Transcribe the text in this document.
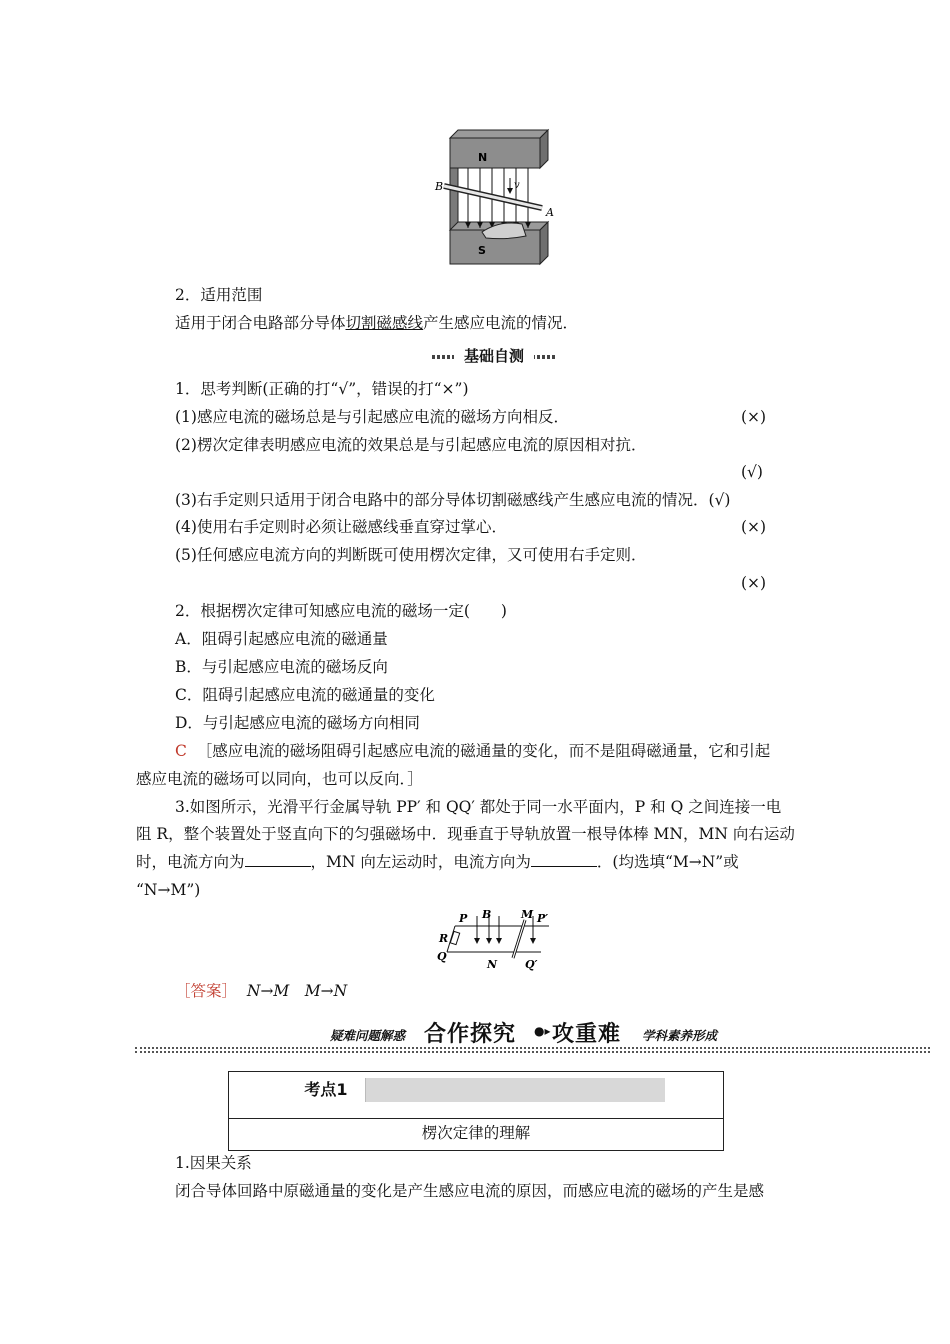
N
S
B
A
v
2．适用范围
适用于闭合电路部分导体切割磁感线产生感应电流的情况．
基础自测
1．思考判断(正确的打“√”，错误的打“×”)
(1)感应电流的磁场总是与引起感应电流的磁场方向相反．	(×)
(2)楞次定律表明感应电流的效果总是与引起感应电流的原因相对抗．
(√)
(3)右手定则只适用于闭合电路中的部分导体切割磁感线产生感应电流的情况．(√)
(4)使用右手定则时必须让磁感线垂直穿过掌心．	(×)
(5)任何感应电流方向的判断既可使用楞次定律，又可使用右手定则．
(×)
2．根据楞次定律可知感应电流的磁场一定(　　)
A．阻碍引起感应电流的磁通量
B．与引起感应电流的磁场反向
C．阻碍引起感应电流的磁通量的变化
D．与引起感应电流的磁场方向相同
C ［感应电流的磁场阻碍引起感应电流的磁通量的变化，而不是阻碍磁通量，它和引起
感应电流的磁场可以同向，也可以反向．］
3.如图所示，光滑平行金属导轨 PP′ 和 QQ′ 都处于同一水平面内，P 和 Q 之间连接一电
阻 R，整个装置处于竖直向下的匀强磁场中．现垂直于导轨放置一根导体棒 MN，MN 向右运动
时，电流方向为	，MN 向左运动时，电流方向为	．(均选填“M→N”或
“N→M”)
P B	M P′
R
Q
N	Q′
［答案］ N→M　M→N
疑难问题解惑 合作探究 ●▸ 攻重难 学科素养形成
考点1
楞次定律的理解
1.因果关系
闭合导体回路中原磁通量的变化是产生感应电流的原因，而感应电流的磁场的产生是感
